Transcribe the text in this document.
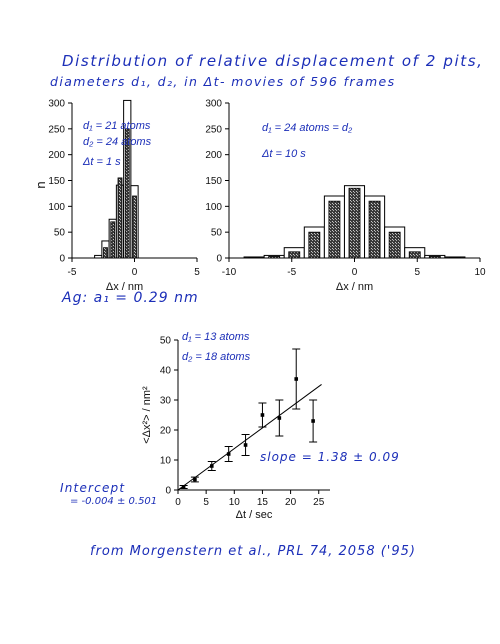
Distribution of relative displacement of 2 pits,
diameters d₁, d₂, in Δt- movies of 596 frames
0
50
100
150
200
250
300
-5	0	5
Δx / nm
d₁ = 21 atoms
d₂ = 24 atoms
Δt = 1 s
0
50
100
150
200
250
300
-10	-5	0	5	10
Δx / nm
d₁ = 24 atoms = d₂
Δt = 10 s
n
0
10
20
30
40
50
0 5 10 15 20 25
Δt / sec
<Δx²> / nm²
d₁ = 13 atoms
d₂ = 18 atoms
Ag: a₁ = 0.29 nm
Intercept
= -0.004 ± 0.501
slope = 1.38 ± 0.09
from Morgenstern et al., PRL 74, 2058 ('95)
